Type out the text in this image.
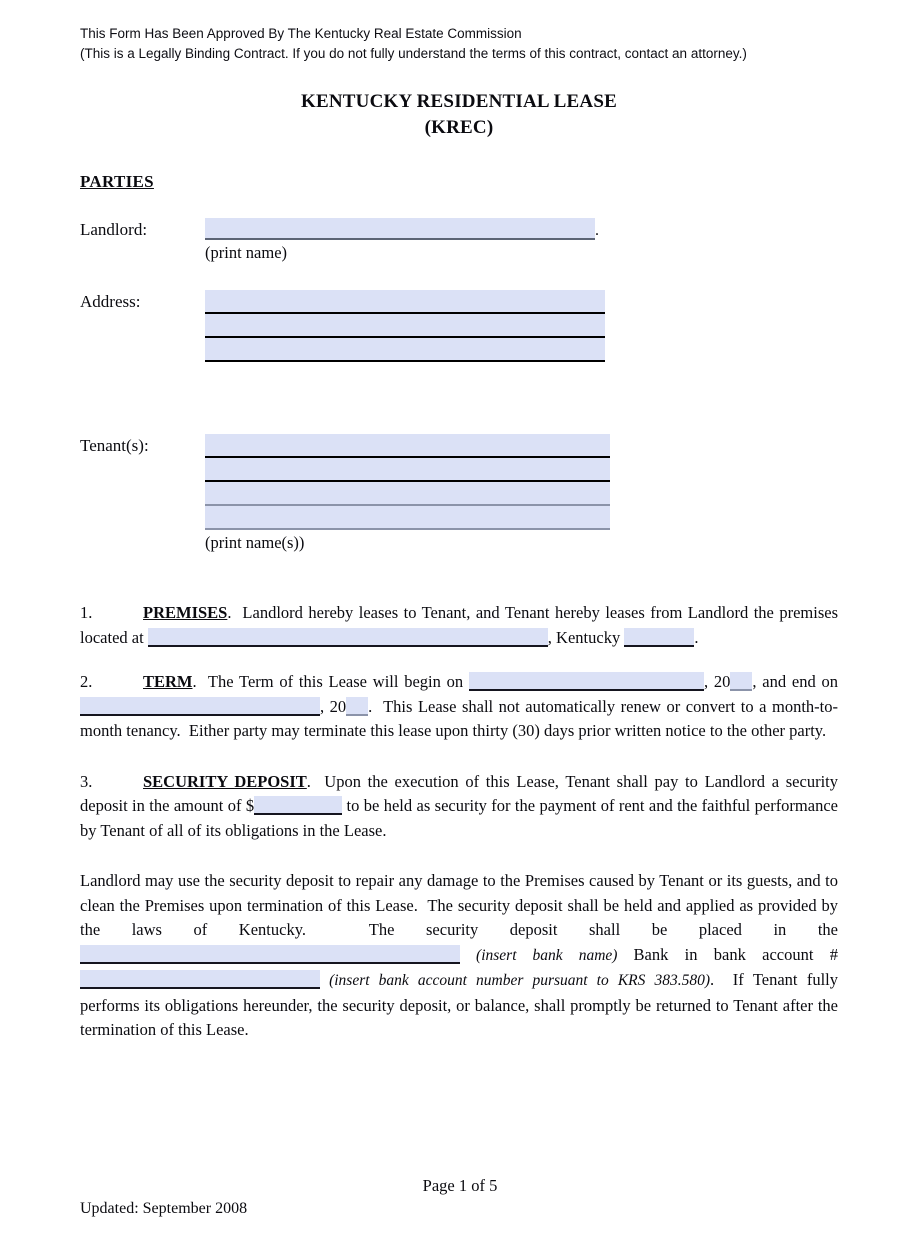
This Form Has Been Approved By The Kentucky Real Estate Commission
(This is a Legally Binding Contract. If you do not fully understand the terms of this contract, contact an attorney.)
KENTUCKY RESIDENTIAL LEASE
(KREC)
PARTIES
Landlord:	.
(print name)
Address:
Tenant(s):
(print name(s))

1.	PREMISES.  Landlord hereby leases to Tenant, and Tenant hereby leases from Landlord the premises located at	, Kentucky	.

2.	TERM.  The Term of this Lease will begin on	, 20 , and end on , 20 .  This Lease shall not automatically renew or convert to a month-to-month tenancy.  Either party may terminate this lease upon thirty (30) days prior written notice to the other party.

3.	SECURITY DEPOSIT.  Upon the execution of this Lease, Tenant shall pay to Landlord a security deposit in the amount of $	to be held as security for the payment of rent and the faithful performance by Tenant of all of its obligations in the Lease.

Landlord may use the security deposit to repair any damage to the Premises caused by Tenant or its guests, and to clean the Premises upon termination of this Lease.  The security deposit shall be held and applied as provided by the laws of Kentucky.  The security deposit shall be placed in the  (insert bank name) Bank in bank account #  (insert bank account number pursuant to KRS 383.580).  If Tenant fully performs its obligations hereunder, the security deposit, or balance, shall promptly be returned to Tenant after the termination of this Lease.

Page 1 of 5
Updated: September 2008
